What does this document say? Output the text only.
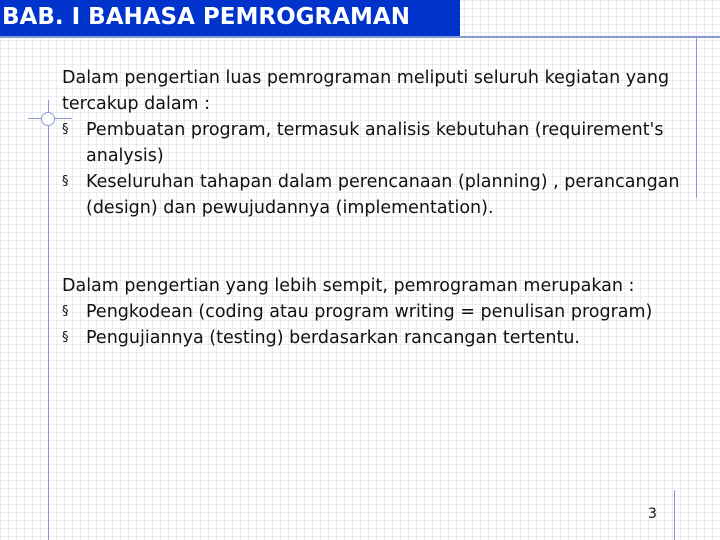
BAB. I BAHASA PEMROGRAMAN

Dalam pengertian luas pemrograman meliputi seluruh kegiatan yang tercakup dalam :

§ Pembuatan program, termasuk analisis kebutuhan (requirement's analysis)

§ Keseluruhan tahapan dalam perencanaan (planning) , perancangan (design) dan pewujudannya (implementation).

Dalam pengertian yang lebih sempit, pemrograman merupakan :

§ Pengkodean (coding atau program writing = penulisan program)

§ Pengujiannya (testing) berdasarkan rancangan tertentu.

3
